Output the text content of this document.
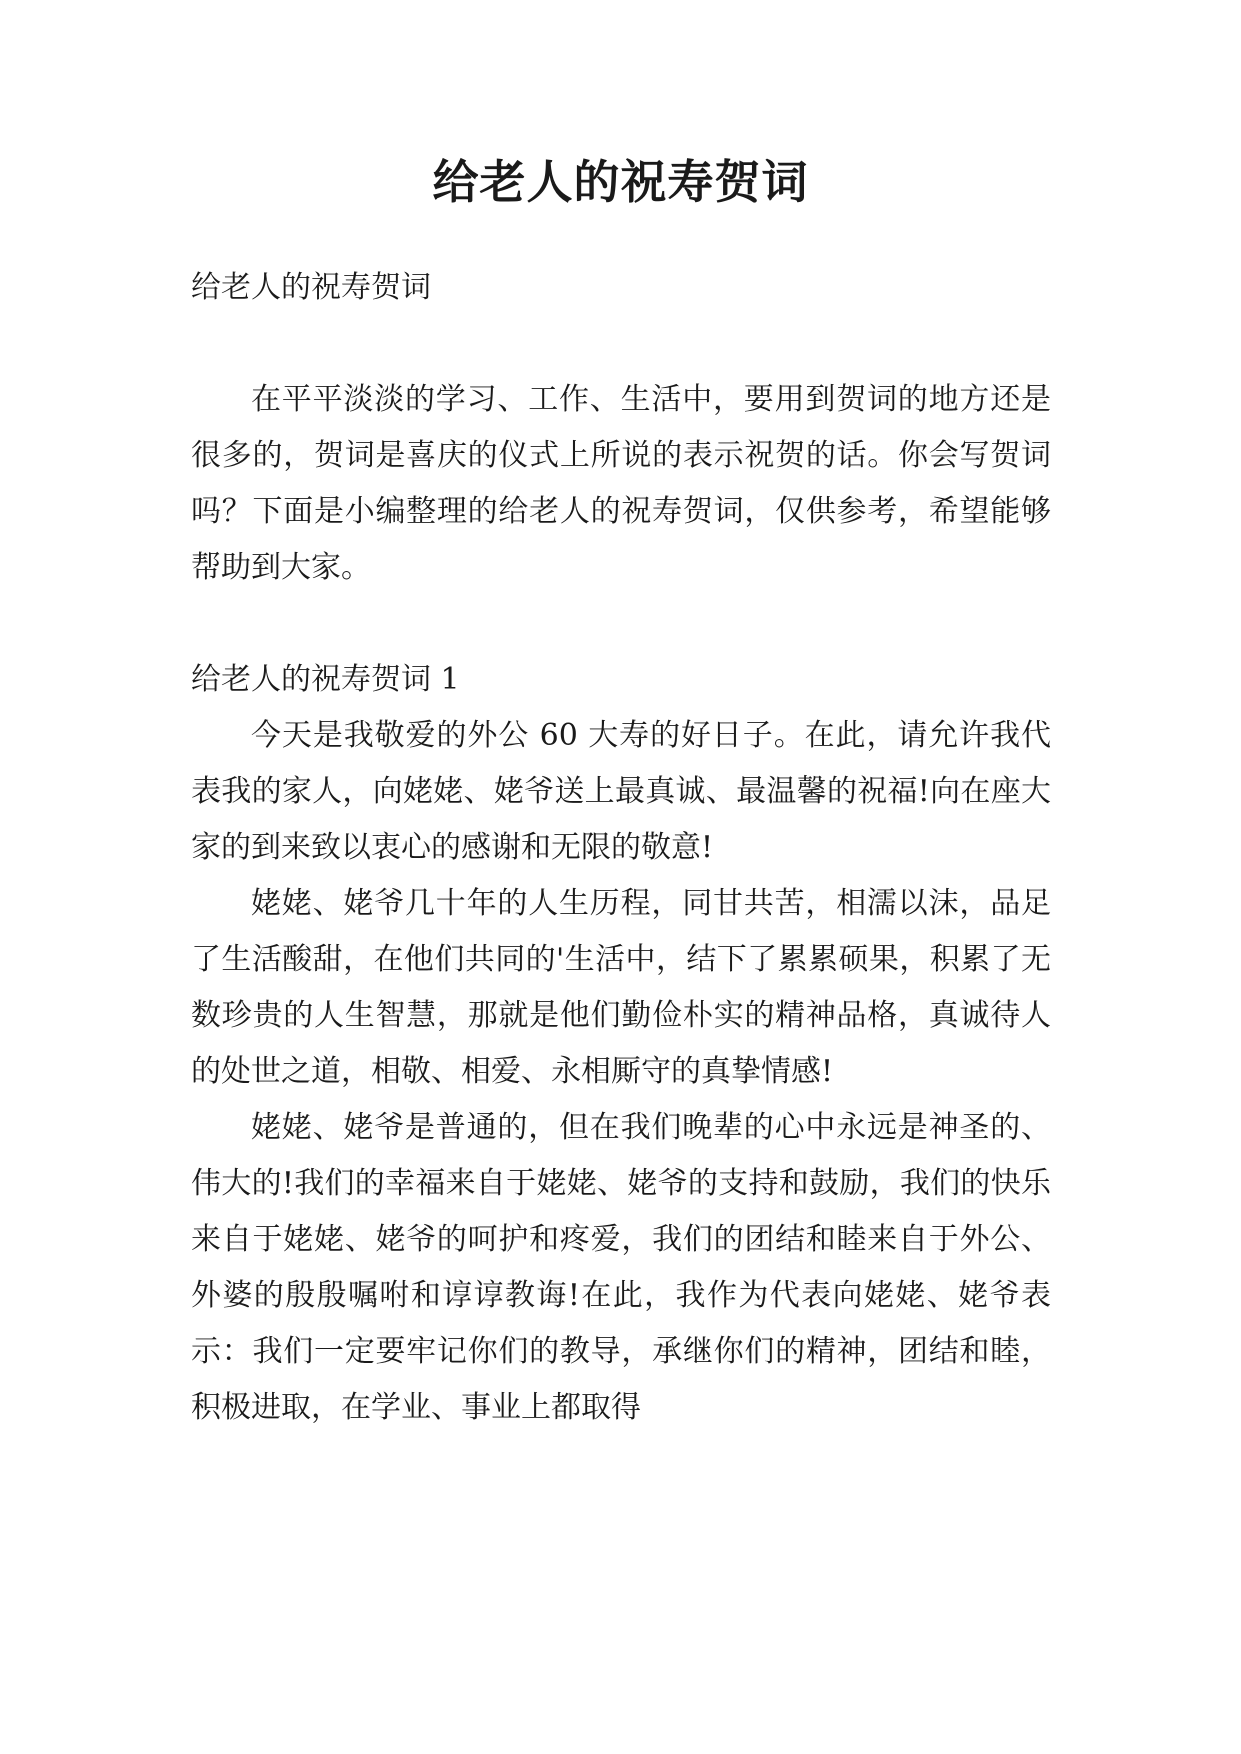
给老人的祝寿贺词

给老人的祝寿贺词

在平平淡淡的学习、工作、生活中，要用到贺词的地方还是很多的，贺词是喜庆的仪式上所说的表示祝贺的话。你会写贺词吗？下面是小编整理的给老人的祝寿贺词，仅供参考，希望能够帮助到大家。

给老人的祝寿贺词 1

今天是我敬爱的外公 60 大寿的好日子。在此，请允许我代表我的家人，向姥姥、姥爷送上最真诚、最温馨的祝福!向在座大家的到来致以衷心的感谢和无限的敬意!

姥姥、姥爷几十年的人生历程，同甘共苦，相濡以沫，品足了生活酸甜，在他们共同的'生活中，结下了累累硕果，积累了无数珍贵的人生智慧，那就是他们勤俭朴实的精神品格，真诚待人的处世之道，相敬、相爱、永相厮守的真挚情感!

姥姥、姥爷是普通的，但在我们晚辈的心中永远是神圣的、伟大的!我们的幸福来自于姥姥、姥爷的支持和鼓励，我们的快乐来自于姥姥、姥爷的呵护和疼爱，我们的团结和睦来自于外公、外婆的殷殷嘱咐和谆谆教诲!在此，我作为代表向姥姥、姥爷表示：我们一定要牢记你们的教导，承继你们的精神，团结和睦，积极进取，在学业、事业上都取得
